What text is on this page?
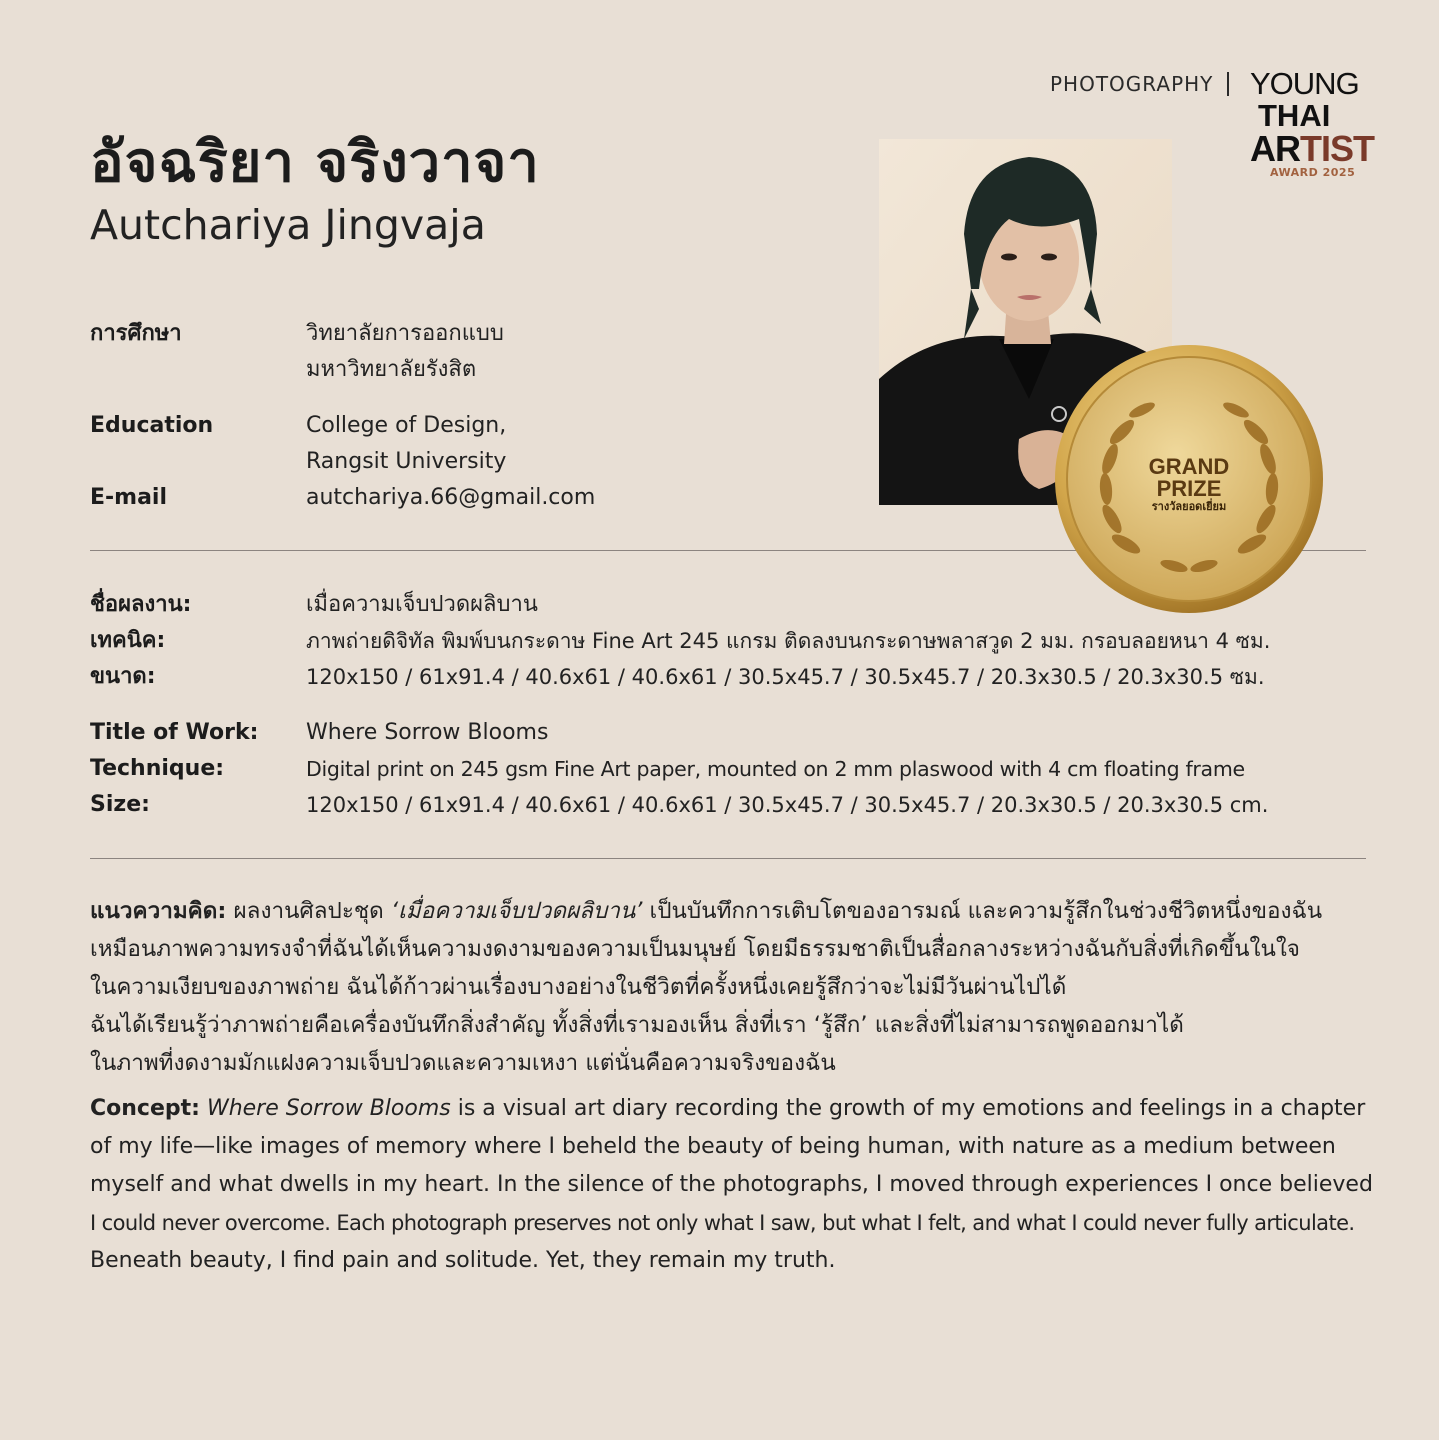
PHOTOGRAPHY YOUNG
THAI
ARTIST
AWARD 2025
อัจฉริยา จริงวาจา
Autchariya Jingvaja
การศึกษา	วิทยาลัยการออกแบบ
มหาวิทยาลัยรังสิต
Education	College of Design,
Rangsit University
E-mail	autchariya.66@gmail.com
GRAND
PRIZE
รางวัลยอดเยี่ยม
ชื่อผลงาน:	เมื่อความเจ็บปวดผลิบาน
เทคนิค:	ภาพถ่ายดิจิทัล พิมพ์บนกระดาษ Fine Art 245 แกรม ติดลงบนกระดาษพลาสวูด 2 มม. กรอบลอยหนา 4 ซม.
ขนาด:	120x150 / 61x91.4 / 40.6x61 / 40.6x61 / 30.5x45.7 / 30.5x45.7 / 20.3x30.5 / 20.3x30.5 ซม.
Title of Work: Where Sorrow Blooms
Technique:	Digital print on 245 gsm Fine Art paper, mounted on 2 mm plaswood with 4 cm floating frame
Size:	120x150 / 61x91.4 / 40.6x61 / 40.6x61 / 30.5x45.7 / 30.5x45.7 / 20.3x30.5 / 20.3x30.5 cm.
แนวความคิด: ผลงานศิลปะชุด ‘เมื่อความเจ็บปวดผลิบาน’ เป็นบันทึกการเติบโตของอารมณ์ และความรู้สึกในช่วงชีวิตหนึ่งของฉัน
เหมือนภาพความทรงจำที่ฉันได้เห็นความงดงามของความเป็นมนุษย์ โดยมีธรรมชาติเป็นสื่อกลางระหว่างฉันกับสิ่งที่เกิดขึ้นในใจ
ในความเงียบของภาพถ่าย ฉันได้ก้าวผ่านเรื่องบางอย่างในชีวิตที่ครั้งหนึ่งเคยรู้สึกว่าจะไม่มีวันผ่านไปได้
ฉันได้เรียนรู้ว่าภาพถ่ายคือเครื่องบันทึกสิ่งสำคัญ ทั้งสิ่งที่เรามองเห็น สิ่งที่เรา ‘รู้สึก’ และสิ่งที่ไม่สามารถพูดออกมาได้
ในภาพที่งดงามมักแฝงความเจ็บปวดและความเหงา แต่นั่นคือความจริงของฉัน
Concept: Where Sorrow Blooms is a visual art diary recording the growth of my emotions and feelings in a chapter
of my life—like images of memory where I beheld the beauty of being human, with nature as a medium between
myself and what dwells in my heart. In the silence of the photographs, I moved through experiences I once believed
I could never overcome. Each photograph preserves not only what I saw, but what I felt, and what I could never fully articulate.
Beneath beauty, I find pain and solitude. Yet, they remain my truth.
